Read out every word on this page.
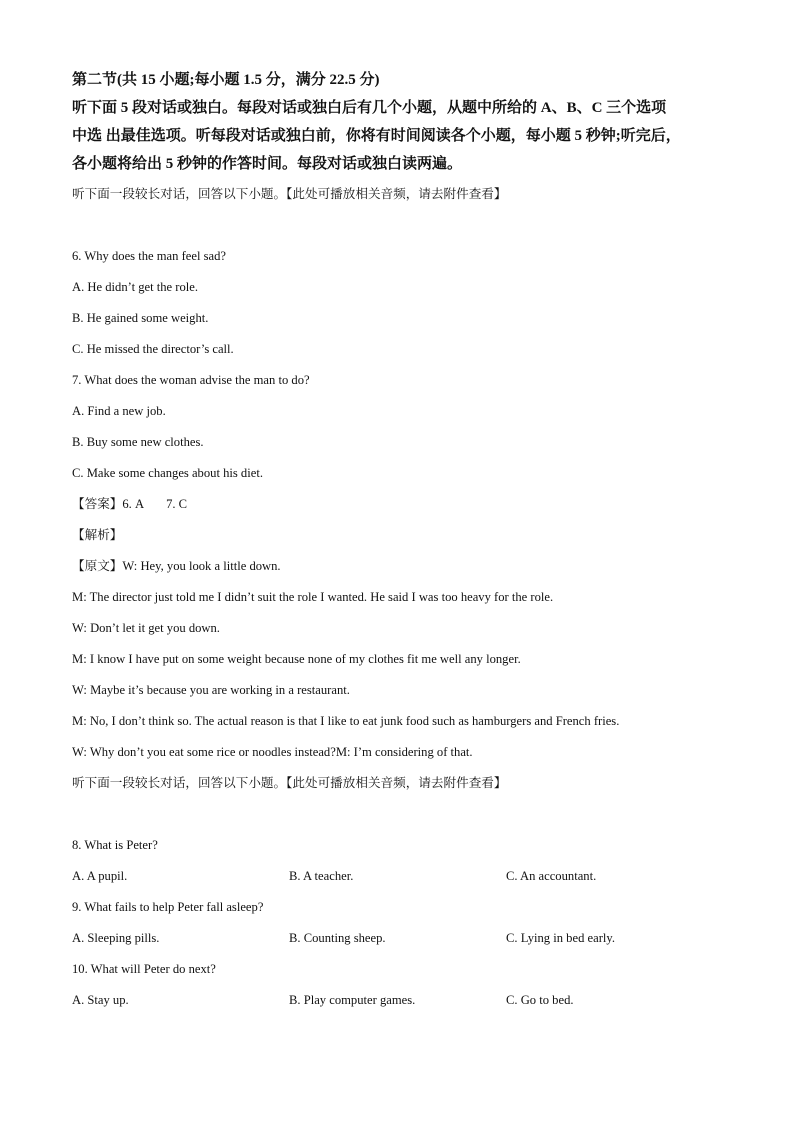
第二节(共 15 小题;每小题 1.5 分，满分 22.5 分)
听下面 5 段对话或独白。每段对话或独白后有几个小题，从题中所给的 A、B、C 三个选项
中选 出最佳选项。听每段对话或独白前，你将有时间阅读各个小题，每小题 5 秒钟;听完后，
各小题将给出 5 秒钟的作答时间。每段对话或独白读两遍。
听下面一段较长对话，回答以下小题。【此处可播放相关音频，请去附件查看】
6. Why does the man feel sad?
A. He didn’t get the role.
B. He gained some weight.
C. He missed the director’s call.
7. What does the woman advise the man to do?
A. Find a new job.
B. Buy some new clothes.
C. Make some changes about his diet.
【答案】6. A 7. C
【解析】
【原文】W: Hey, you look a little down.
M: The director just told me I didn’t suit the role I wanted. He said I was too heavy for the role.
W: Don’t let it get you down.
M: I know I have put on some weight because none of my clothes fit me well any longer.
W: Maybe it’s because you are working in a restaurant.
M: No, I don’t think so. The actual reason is that I like to eat junk food such as hamburgers and French fries.
W: Why don’t you eat some rice or noodles instead?M: I’m considering of that.
听下面一段较长对话，回答以下小题。【此处可播放相关音频，请去附件查看】
8. What is Peter?
A. A pupil.	B. A teacher.	C. An accountant.
9. What fails to help Peter fall asleep?
A. Sleeping pills.	B. Counting sheep.	C. Lying in bed early.
10. What will Peter do next?
A. Stay up.	B. Play computer games.	C. Go to bed.
